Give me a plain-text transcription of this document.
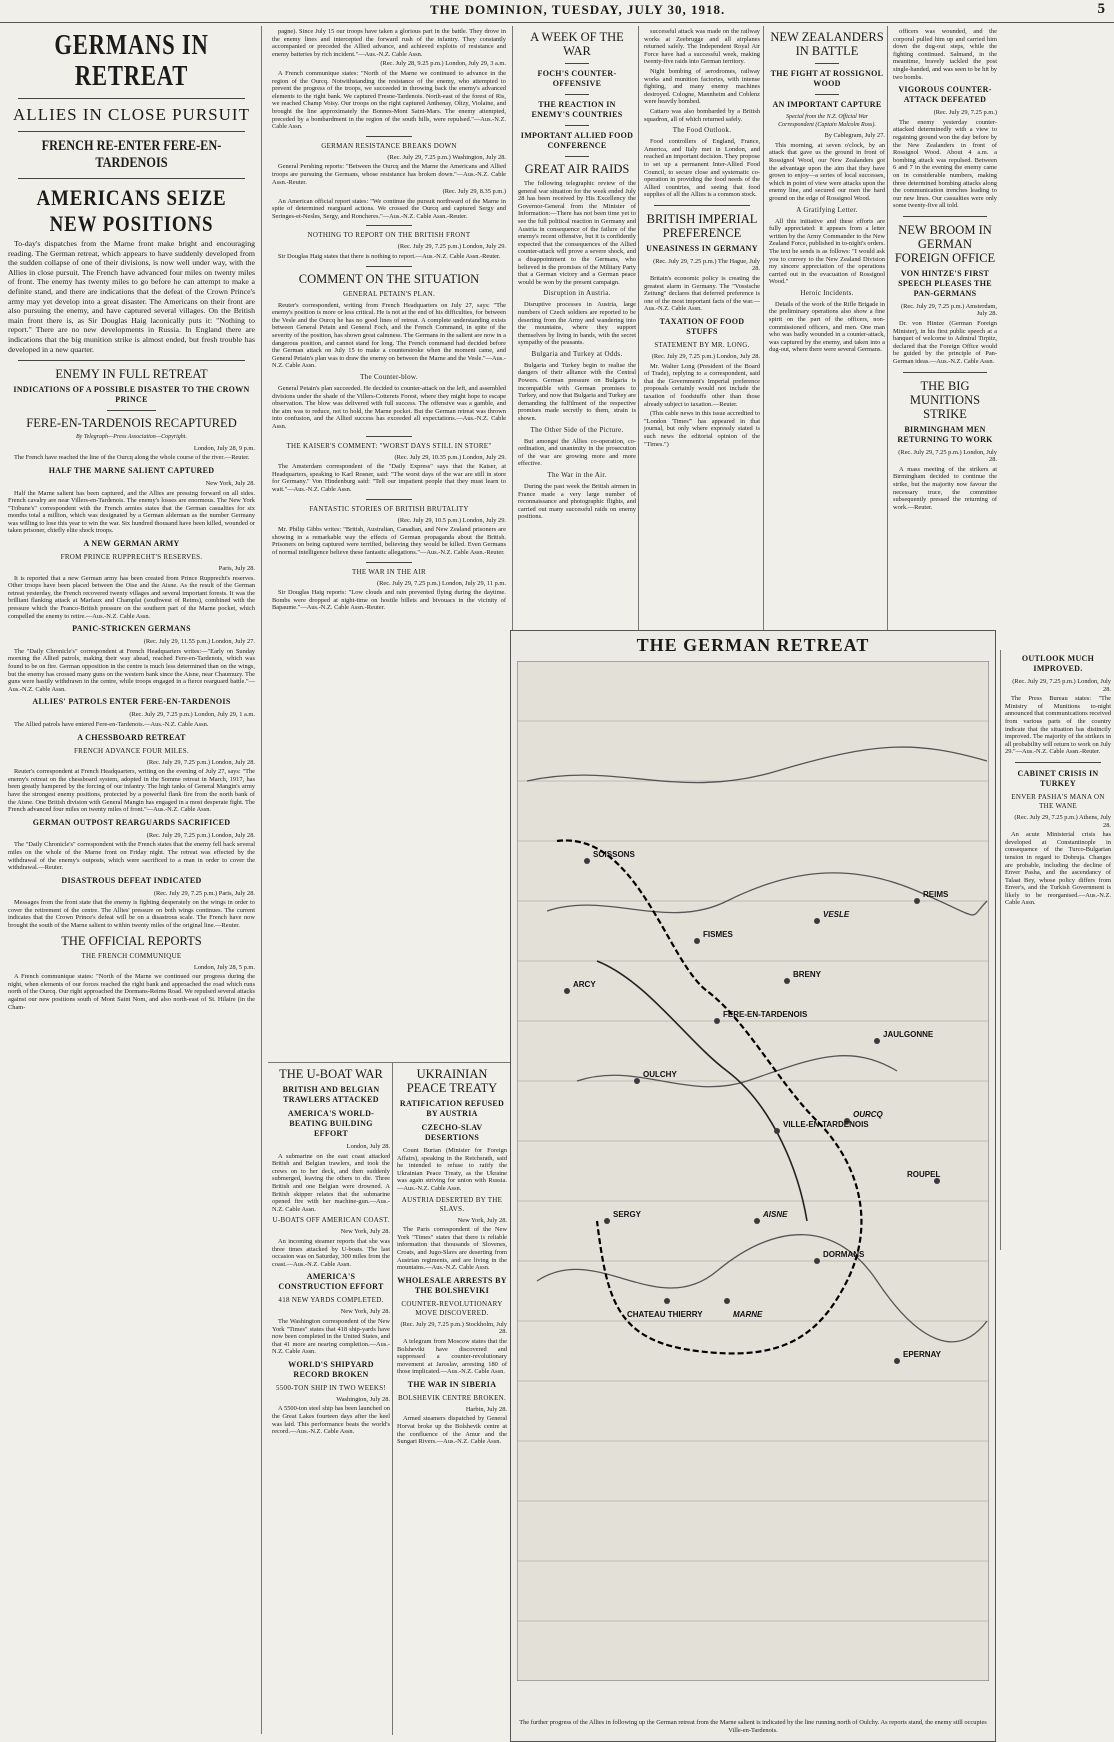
THE DOMINION, TUESDAY, JULY 30, 1918.	5
GERMANS IN RETREAT
ALLIES IN CLOSE PURSUIT
FRENCH RE-ENTER FERE-EN-TARDENOIS
AMERICANS SEIZE NEW POSITIONS

To-day's dispatches from the Marne front make bright and encouraging reading. The German retreat, which appears to have suddenly developed from the sudden collapse of one of their divisions, is now well under way, with the Allies in close pursuit. The French have advanced four miles on twenty miles of front. The enemy has twenty miles to go before he can attempt to make a definite stand, and there are indications that the defeat of the Crown Prince's army may yet develop into a great disaster. The Americans on their front are also pursuing the enemy, and have captured several villages. On the British main front there is, as Sir Douglas Haig laconically puts it: "Nothing to report." There are no new developments in Russia. In England there are indications that the big munition strike is almost ended, but fresh trouble has developed in a new quarter.

ENEMY IN FULL RETREAT
INDICATIONS OF A POSSIBLE DISASTER TO THE CROWN PRINCE
FERE-EN-TARDENOIS RECAPTURED
By Telegraph—Press Association—Copyright.
London, July 28, 9 p.m.

The French have reached the line of the Ourcq along the whole course of the river.—Reuter.

HALF THE MARNE SALIENT CAPTURED
New York, July 28.

Half the Marne salient has been captured, and the Allies are pressing forward on all sides. French cavalry are near Villers-en-Tardenois. The enemy's losses are enormous. The New York "Tribune's" correspondent with the French armies states that the German casualties for six months total a million, which was designated by a German alderman as the number Germany was willing to lose this year to win the war. Six hundred thousand have been killed, wounded or taken prisoner, chiefly elite shock troops.

A NEW GERMAN ARMY
FROM PRINCE RUPPRECHT'S RESERVES.
Paris, July 28.

It is reported that a new German army has been created from Prince Rupprecht's reserves. Other troops have been placed between the Oise and the Aisne. As the result of the German retreat yesterday, the French recovered twenty villages and several important forests. It was the brilliant flanking attack at Marfaux and Champlat (southwest of Reims), combined with the pressure which the Franco-British pressure on the southern part of the Marne pocket, which compelled the enemy to retire.—Aus.-N.Z. Cable Assn.

PANIC-STRICKEN GERMANS
(Rec. July 29, 11.55 p.m.) London, July 27.

The "Daily Chronicle's" correspondent at French Headquarters writes:—"Early on Sunday morning the Allied patrols, making their way ahead, reached Fere-en-Tardenois, which was found to be on fire. German opposition in the centre is much less determined than on the wings, but the enemy has crossed many guns on the western bank since the Aisne, near Chaumuzy. The guns were hastily withdrawn in the centre, while troops engaged in a fierce rearguard battle."—Aus.-N.Z. Cable Assn.

ALLIES' PATROLS ENTER FERE-EN-TARDENOIS
(Rec. July 29, 7.25 p.m.) London, July 29, 1 a.m.

The Allied patrols have entered Fere-en-Tardenois.—Aus.-N.Z. Cable Assn.

A CHESSBOARD RETREAT
FRENCH ADVANCE FOUR MILES.
(Rec. July 29, 7.25 p.m.) London, July 28.

Reuter's correspondent at French Headquarters, writing on the evening of July 27, says: "The enemy's retreat on the chessboard system, adopted in the Somme retreat in March, 1917, has been greatly hampered by the forcing of our infantry. The high tanks of General Mangin's army have the strongest enemy positions, protected by a powerful flank fire from the north bank of the Aisne. One British division with General Mangin has engaged in a most desperate fight. The French advanced four miles on twenty miles of front."—Aus.-N.Z. Cable Assn.

GERMAN OUTPOST REARGUARDS SACRIFICED
(Rec. July 29, 7.25 p.m.) London, July 28.

The "Daily Chronicle's" correspondent with the French states that the enemy fell back several miles on the whole of the Marne front on Friday night. The retreat was effected by the withdrawal of the enemy's outposts, which were sacrificed to a man in order to cover the withdrawal.—Reuter.

DISASTROUS DEFEAT INDICATED
(Rec. July 29, 7.25 p.m.) Paris, July 28.

Messages from the front state that the enemy is fighting desperately on the wings in order to cover the retirement of the centre. The Allies' pressure on both wings continues. The current indicates that the Crown Prince's defeat will be on a disastrous scale. The French have now brought the south of the Marne salient to within twenty miles of the original line.—Reuter.

THE OFFICIAL REPORTS
THE FRENCH COMMUNIQUE
London, July 28, 5 p.m.

A French communique states: "North of the Marne we continued our progress during the night, when elements of our forces reached the right bank and approached the road which runs north of the Ourcq. Our right approached the Dormans-Reims Road. We repulsed several attacks against our new positions south of Mont Saint Nom, and also north-east of St. Hilaire (in the Cham-

pagne). Since July 15 our troops have taken a glorious part in the battle. They drove in the enemy lines and intercepted the forward rush of the infantry. They constantly accompanied or preceded the Allied advance, and achieved exploits of resistance and enemy batteries by rich incident."—Aus.-N.Z. Cable Assn.

(Rec. July 28, 9.25 p.m.) London, July 29, 3 a.m.

A French communique states: "North of the Marne we continued to advance in the region of the Ourcq. Notwithstanding the resistance of the enemy, who attempted to prevent the progress of the troops, we succeeded in throwing back the enemy's advanced elements to the right bank. We captured Fresne-Tardenois. North-east of the forest of Ris, we reached Champ Voisy. Our troops on the right captured Anthenay, Olizy, Violaine, and brought the line approximately the Bonnes-Mont Saint-Mars. The enemy attempted, preceded by a bombardment in the region of the south hills, were repulsed."—Aus.-N.Z. Cable Assn.

GERMAN RESISTANCE BREAKS DOWN
(Rec. July 29, 7.25 p.m.) Washington, July 28.

General Pershing reports: "Between the Ourcq and the Marne the Americans and Allied troops are pursuing the Germans, whose resistance has broken down."—Aus.-N.Z. Cable Assn.-Reuter.

(Rec. July 29, 8.35 p.m.)

An American official report states: "We continue the pursuit northward of the Marne in spite of determined rearguard actions. We crossed the Ourcq and captured Sergy and Seringes-et-Nesles, Sergy, and Roncheres."—Aus.-N.Z. Cable Assn.-Reuter.

NOTHING TO REPORT ON THE BRITISH FRONT
(Rec. July 29, 7.25 p.m.) London, July 29.

Sir Douglas Haig states that there is nothing to report.—Aus.-N.Z. Cable Assn.-Reuter.

COMMENT ON THE SITUATION
GENERAL PETAIN'S PLAN.

Reuter's correspondent, writing from French Headquarters on July 27, says: "The enemy's position is more or less critical. He is not at the end of his difficulties, for between the Vesle and the Ourcq he has no good lines of retreat. A complete understanding exists between General Petain and General Foch, and the French Command, in spite of the severity of the position, has shown great calmness. The Germans in the salient are now in a dangerous position, and cannot stand for long. The French command had decided before the German attack on July 15 to make a counterstroke when the moment came, and General Petain's plan was to draw the enemy on between the Marne and the Vesle."—Aus.-N.Z. Cable Assn.

The Counter-blow.

General Petain's plan succeeded. He decided to counter-attack on the left, and assembled divisions under the shade of the Villers-Cotterets Forest, where they might hope to escape observation. The blow was delivered with full success. The offensive was a gamble, and the aim was to reduce, not to hold, the Marne pocket. But the German retreat was thrown into confusion, and the Allied success has exceeded all expectations.—Aus.-N.Z. Cable Assn.

THE KAISER'S COMMENT: "WORST DAYS STILL IN STORE"
(Rec. July 29, 10.35 p.m.) London, July 29.

The Amsterdam correspondent of the "Daily Express" says that the Kaiser, at Headquarters, speaking to Karl Rosner, said: "The worst days of the war are still in store for Germany." Von Hindenburg said: "Tell our impatient people that they must learn to wait."—Aus.-N.Z. Cable Assn.

FANTASTIC STORIES OF BRITISH BRUTALITY
(Rec. July 29, 10.5 p.m.) London, July 29.

Mr. Philip Gibbs writes: "British, Australian, Canadian, and New Zealand prisoners are showing in a remarkable way the effects of German propaganda about the British. Prisoners on being captured were terrified, believing they would be killed. Even Germans of normal intelligence believe these fantastic allegations."—Aus.-N.Z. Cable Assn.-Reuter.

THE WAR IN THE AIR
(Rec. July 29, 7.25 p.m.) London, July 29, 11 p.m.

Sir Douglas Haig reports: "Low clouds and rain prevented flying during the daytime. Bombs were dropped at night-time on hostile billets and bivouacs in the vicinity of Bapaume."—Aus.-N.Z. Cable Assn.-Reuter.

THE U-BOAT WAR
BRITISH AND BELGIAN TRAWLERS ATTACKED
AMERICA'S WORLD-BEATING BUILDING EFFORT
London, July 28.

A submarine on the east coast attacked British and Belgian trawlers, and took the crews on to her deck, and then suddenly submerged, leaving the others to die. Three British and one Belgian were drowned. A British skipper relates that the submarine opened fire with her machine-gun.—Aus.-N.Z. Cable Assn.

U-BOATS OFF AMERICAN COAST.
New York, July 28.

An incoming steamer reports that she was three times attacked by U-boats. The last occasion was on Saturday, 300 miles from the coast.—Aus.-N.Z. Cable Assn.

AMERICA'S CONSTRUCTION EFFORT
418 NEW YARDS COMPLETED.
New York, July 28.

The Washington correspondent of the New York "Times" states that 418 ship-yards have now been completed in the United States, and that 41 more are nearing completion.—Aus.-N.Z. Cable Assn.

WORLD'S SHIPYARD RECORD BROKEN
5500-TON SHIP IN TWO WEEKS!
Washington, July 28.

A 5500-ton steel ship has been launched on the Great Lakes fourteen days after the keel was laid. This performance beats the world's record.—Aus.-N.Z. Cable Assn.

UKRAINIAN PEACE TREATY
RATIFICATION REFUSED BY AUSTRIA
CZECHO-SLAV DESERTIONS

Count Burian (Minister for Foreign Affairs), speaking in the Reichsrath, said he intended to refuse to ratify the Ukrainian Peace Treaty, as the Ukraine was again striving for union with Russia.—Aus.-N.Z. Cable Assn.

AUSTRIA DESERTED BY THE SLAVS.
New York, July 28.

The Paris correspondent of the New York "Times" states that there is reliable information that thousands of Slovenes, Croats, and Jugo-Slavs are deserting from Austrian regiments, and are living in the mountains.—Aus.-N.Z. Cable Assn.

WHOLESALE ARRESTS BY THE BOLSHEVIKI
COUNTER-REVOLUTIONARY MOVE DISCOVERED.
(Rec. July 29, 7.25 p.m.) Stockholm, July 28.

A telegram from Moscow states that the Bolsheviki have discovered and suppressed a counter-revolutionary movement at Jaroslav, arresting 180 of those implicated.—Aus.-N.Z. Cable Assn.

THE WAR IN SIBERIA
BOLSHEVIK CENTRE BROKEN.
Harbin, July 28.

Armed steamers dispatched by General Horvat broke up the Bolshevik centre at the confluence of the Amur and the Sungari Rivers.—Aus.-N.Z. Cable Assn.

A WEEK OF THE WAR
FOCH'S COUNTER-OFFENSIVE
THE REACTION IN ENEMY'S COUNTRIES
IMPORTANT ALLIED FOOD CONFERENCE
GREAT AIR RAIDS

The following telegraphic review of the general war situation for the week ended July 28 has been received by His Excellency the Governor-General from the Minister of Information:—There has not been time yet to see the full political reaction in Germany and Austria in consequence of the failure of the enemy's recent offensive, but it is confidently expected that the consequences of the Allied counter-attack will prove a severe shock, and a disappointment to the Germans, who believed in the promises of the Military Party that a German victory and a German peace would be won by the present campaign.

Disruption in Austria.

Disruptive processes in Austria, large numbers of Czech soldiers are reported to be deserting from the Army and wandering into the mountains, where they support themselves by living in bands, with the secret sympathy of the peasants.

Bulgaria and Turkey at Odds.

Bulgaria and Turkey begin to realise the dangers of their alliance with the Central Powers. German pressure on Bulgaria is incompatible with German promises to Turkey, and now that Bulgaria and Turkey are demanding the fulfilment of the respective promises made secretly to them, strain is shown.

The Other Side of the Picture.

But amongst the Allies co-operation, co-ordination, and unanimity in the prosecution of the war are growing more and more effective.

The War in the Air.

During the past week the British airmen in France made a very large number of reconnaissance and photographic flights, and carried out many successful raids on enemy positions.

successful attack was made on the railway works at Zeebrugge and all airplanes returned safely. The Independent Royal Air Force have had a successful week, making twenty-five raids into German territory.

Night bombing of aerodromes, railway works and munition factories, with intense fighting, and many enemy machines destroyed. Cologne, Mannheim and Coblenz were heavily bombed.

Cattaro was also bombarded by a British squadron, all of which returned safely.

The Food Outlook.

Food controllers of England, France, America, and Italy met in London, and reached an important decision. They propose to set up a permanent Inter-Allied Food Council, to secure close and systematic co-operation in providing the food needs of the Allied countries, and seeing that food supplies of all the Allies is a common stock.

BRITISH IMPERIAL PREFERENCE
UNEASINESS IN GERMANY
(Rec. July 29, 7.25 p.m.) The Hague, July 28.

Britain's economic policy is creating the greatest alarm in Germany. The "Vossische Zeitung" declares that deferred preference is one of the most important facts of the war.—Aus.-N.Z. Cable Assn.

TAXATION OF FOOD STUFFS
STATEMENT BY MR. LONG.
(Rec. July 29, 7.25 p.m.) London, July 28.

Mr. Walter Long (President of the Board of Trade), replying to a correspondent, said that the Government's Imperial preference proposals certainly would not include the taxation of foodstuffs other than those already subject to taxation.—Reuter.

(This cable news in this issue accredited to "London 'Times'" has appeared in that journal, but only where expressly stated is such news the editorial opinion of the "Times.")

NEW ZEALANDERS IN BATTLE
THE FIGHT AT ROSSIGNOL WOOD
AN IMPORTANT CAPTURE
Special from the N.Z. Official War Correspondent (Captain Malcolm Ross).
By Cablegram, July 27.

This morning, at seven o'clock, by an attack that gave us the ground in front of Rossignol Wood, our New Zealanders got the advantage upon the aim that they have grown to enjoy—a series of local successes, which in point of view were attacks upon the enemy line, and secured our men the hard ground on the edge of Rossignol Wood.

A Gratifying Letter.

All this initiative and these efforts are fully appreciated: it appears from a letter written by the Army Commander to the New Zealand Force, published in to-night's orders. The text he sends is as follows: "I would ask you to convey to the New Zealand Division my sincere appreciation of the operations carried out in the evacuation of Rossignol Wood."

Heroic Incidents.

Details of the work of the Rifle Brigade in the preliminary operations also show a fine spirit on the part of the officers, non-commissioned officers, and men. One man who was badly wounded in a counter-attack, was captured by the enemy, and taken into a dug-out, where there were several Germans.

officers was wounded, and the corporal pulled him up and carried him down the dug-out steps, while the fighting continued. Salmand, in the meantime, bravely tackled the post single-handed, and was seen to be hit by two bombs.

VIGOROUS COUNTER-ATTACK DEFEATED
(Rec. July 29, 7.25 p.m.)

The enemy yesterday counter-attacked determinedly with a view to regaining ground won the day before by the New Zealanders in front of Rossignol Wood. About 4 a.m. a bombing attack was repulsed. Between 6 and 7 in the evening the enemy came on in considerable numbers, making three determined bombing attacks along the communication trenches leading to our new lines. Our casualties were only some twenty-five all told.

NEW BROOM IN GERMAN FOREIGN OFFICE
VON HINTZE'S FIRST SPEECH PLEASES THE PAN-GERMANS
(Rec. July 29, 7.25 p.m.) Amsterdam, July 28.

Dr. von Hintze (German Foreign Minister), in his first public speech at a banquet of welcome to Admiral Tirpitz, declared that the Foreign Office would be guided by the principle of Pan-German ideas.—Aus.-N.Z. Cable Assn.

THE BIG MUNITIONS STRIKE
BIRMINGHAM MEN RETURNING TO WORK
(Rec. July 29, 7.25 p.m.) London, July 28.

A mass meeting of the strikers at Birmingham decided to continue the strike, but the majority now favour the necessary truce, the committee subsequently pressed the returning of work.—Reuter.

OUTLOOK MUCH IMPROVED.
(Rec. July 29, 7.25 p.m.) London, July 28.

The Press Bureau states: "The Ministry of Munitions to-night announced that communications received from various parts of the country indicate that the situation has distinctly improved. The majority of the strikers in all probability will return to work on July 29."—Aus.-N.Z. Cable Assn.-Reuter.

CABINET CRISIS IN TURKEY
ENVER PASHA'S MANA ON THE WANE
(Rec. July 29, 7.25 p.m.) Athens, July 28.

An acute Ministerial crisis has developed at Constantinople in consequence of the Turco-Bulgarian tension in regard to Dobruja. Changes are probable, including the decline of Enver Pasha, and the ascendancy of Talaat Bey, whose policy differs from Enver's, and the Turkish Government is likely to be reorganised.—Aus.-N.Z. Cable Assn.

THE GERMAN RETREAT
SOISSONS
FERE-EN-TARDENOIS
REIMS
CHATEAU THIERRY
DORMANS
EPERNAY
VILLE-EN-TARDENOIS
OULCHY
MARNE
OURCQ
VESLE
AISNE
JAULGONNE
SERGY
FISMES
BRENY
ROUPEL
ARCY
The further progress of the Allies in following up the German retreat from the Marne salient is indicated by the line running north of Oulchy. As reports stand, the enemy still occupies Ville-en-Tardenois.
